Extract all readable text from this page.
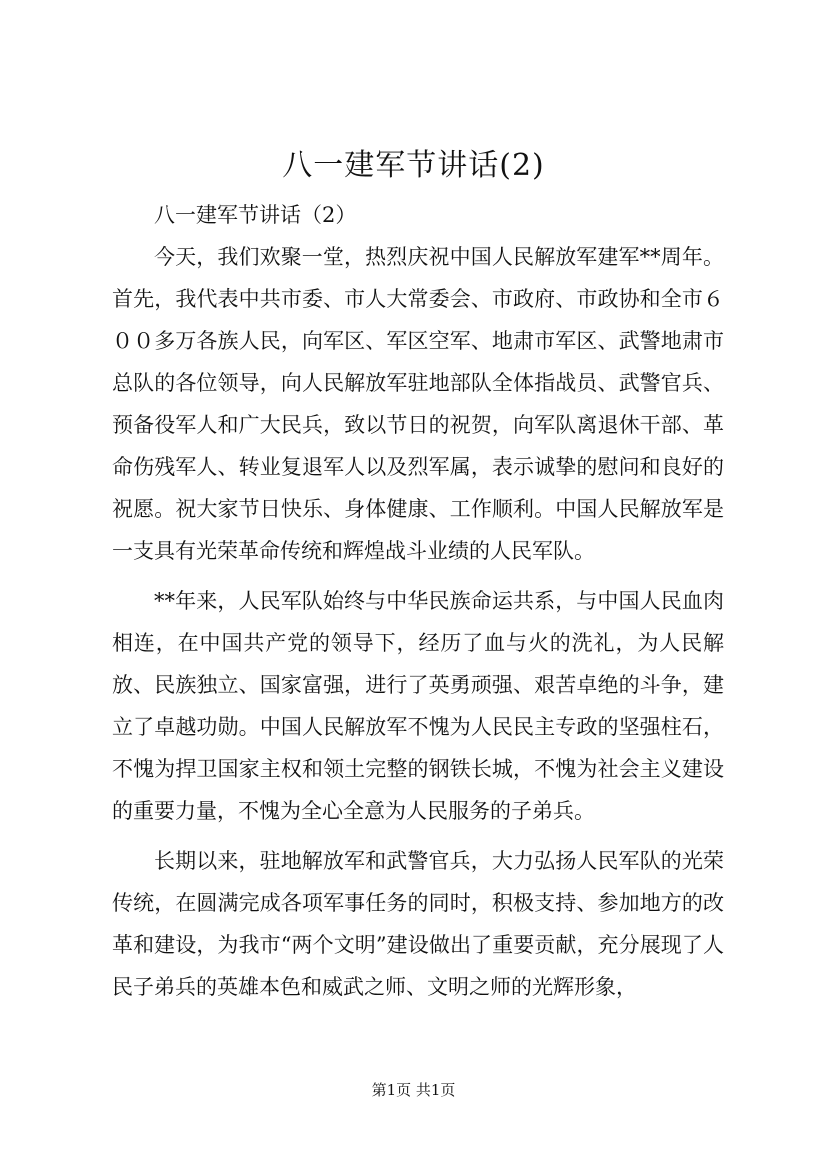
八一建军节讲话(2)

八一建军节讲话（2）

今天，我们欢聚一堂，热烈庆祝中国人民解放军建军**周年。首先，我代表中共市委、市人大常委会、市政府、市政协和全市６００多万各族人民，向军区、军区空军、地肃市军区、武警地肃市总队的各位领导，向人民解放军驻地部队全体指战员、武警官兵、预备役军人和广大民兵，致以节日的祝贺，向军队离退休干部、革命伤残军人、转业复退军人以及烈军属，表示诚挚的慰问和良好的祝愿。祝大家节日快乐、身体健康、工作顺利。中国人民解放军是一支具有光荣革命传统和辉煌战斗业绩的人民军队。

**年来，人民军队始终与中华民族命运共系，与中国人民血肉相连，在中国共产党的领导下，经历了血与火的洗礼，为人民解放、民族独立、国家富强，进行了英勇顽强、艰苦卓绝的斗争，建立了卓越功勋。中国人民解放军不愧为人民民主专政的坚强柱石，不愧为捍卫国家主权和领土完整的钢铁长城，不愧为社会主义建设的重要力量，不愧为全心全意为人民服务的子弟兵。

长期以来，驻地解放军和武警官兵，大力弘扬人民军队的光荣传统，在圆满完成各项军事任务的同时，积极支持、参加地方的改革和建设，为我市“两个文明”建设做出了重要贡献，充分展现了人民子弟兵的英雄本色和威武之师、文明之师的光辉形象，

第1页 共1页
